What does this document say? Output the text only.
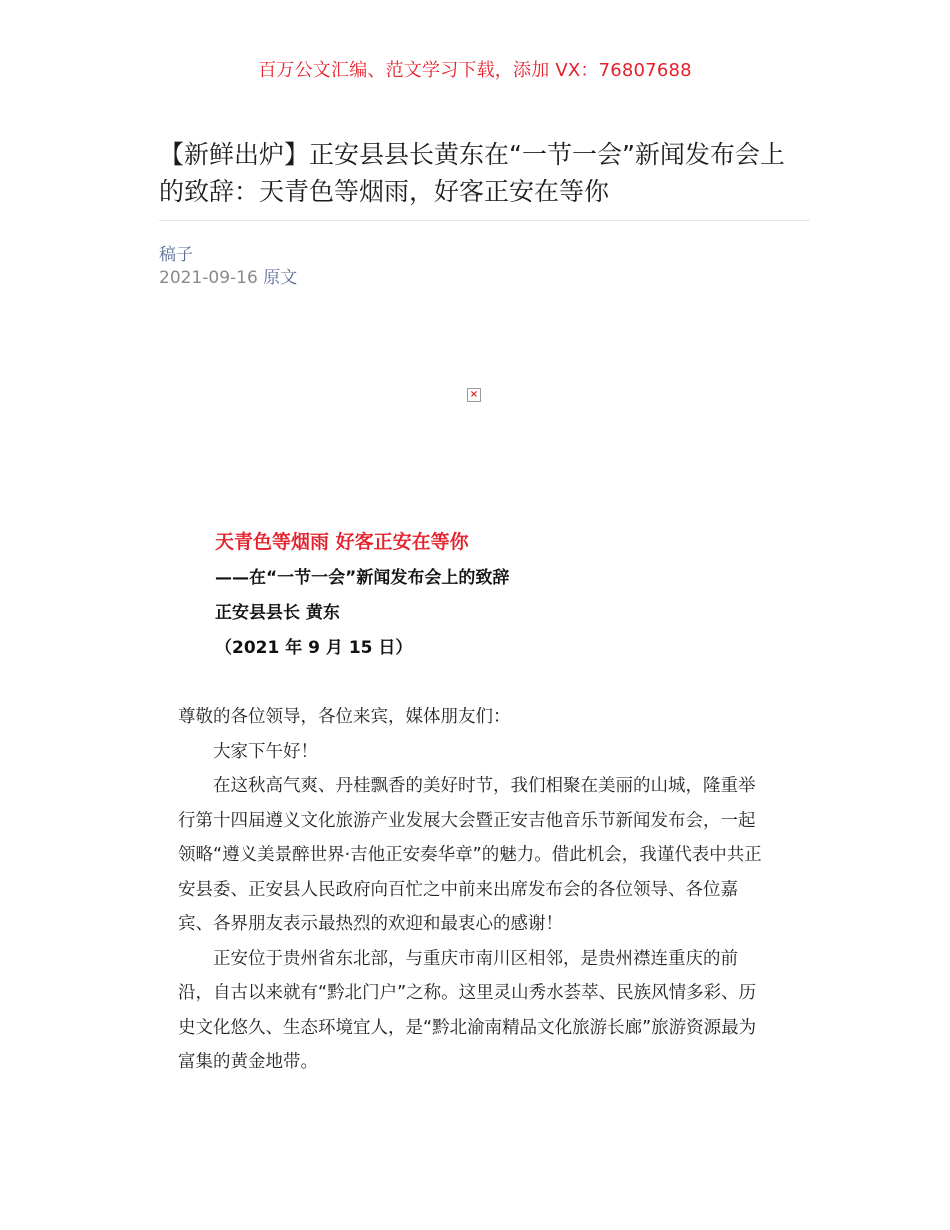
百万公文汇编、范文学习下载，添加 VX：76807688
【新鲜出炉】正安县县长黄东在“一节一会”新闻发布会上的致辞：天青色等烟雨，好客正安在等你
稿子
2021-09-16 原文
×
天青色等烟雨 好客正安在等你
——在“一节一会”新闻发布会上的致辞
正安县县长 黄东
（2021 年 9 月 15 日）

尊敬的各位领导，各位来宾，媒体朋友们：

大家下午好！

在这秋高气爽、丹桂飘香的美好时节，我们相聚在美丽的山城，隆重举行第十四届遵义文化旅游产业发展大会暨正安吉他音乐节新闻发布会，一起领略“遵义美景醉世界·吉他正安奏华章”的魅力。借此机会，我谨代表中共正安县委、正安县人民政府向百忙之中前来出席发布会的各位领导、各位嘉宾、各界朋友表示最热烈的欢迎和最衷心的感谢！

正安位于贵州省东北部，与重庆市南川区相邻，是贵州襟连重庆的前沿，自古以来就有“黔北门户”之称。这里灵山秀水荟萃、民族风情多彩、历史文化悠久、生态环境宜人，是“黔北渝南精品文化旅游长廊”旅游资源最为富集的黄金地带。
